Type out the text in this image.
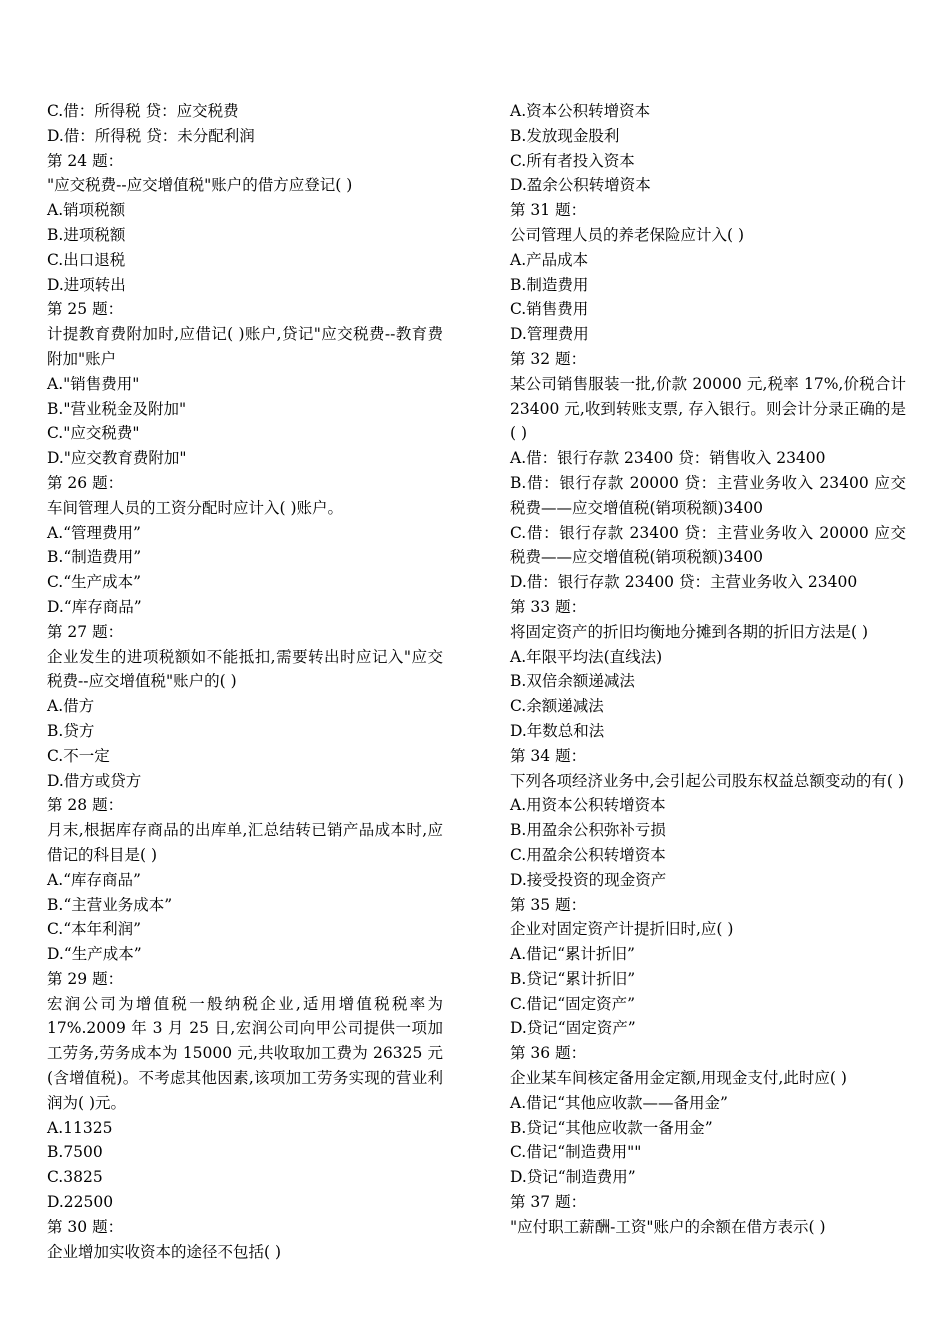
C.借：所得税 贷：应交税费
D.借：所得税 贷：未分配利润
第 24 题：
"应交税费--应交增值税"账户的借方应登记( )
A.销项税额
B.进项税额
C.出口退税
D.进项转出
第 25 题：
计提教育费附加时,应借记( )账户,贷记"应交税费--教育费附加"账户
A."销售费用"
B."营业税金及附加"
C."应交税费"
D."应交教育费附加"
第 26 题：
车间管理人员的工资分配时应计入( )账户。
A.“管理费用”
B.“制造费用”
C.“生产成本”
D.“库存商品”
第 27 题：
企业发生的进项税额如不能抵扣,需要转出时应记入"应交税费--应交增值税"账户的( )
A.借方
B.贷方
C.不一定
D.借方或贷方
第 28 题：
月末,根据库存商品的出库单,汇总结转已销产品成本时,应借记的科目是( )
A.“库存商品”
B.“主营业务成本”
C.“本年利润”
D.“生产成本”
第 29 题：
宏润公司为增值税一般纳税企业,适用增值税税率为 17%.2009 年 3 月 25 日,宏润公司向甲公司提供一项加工劳务,劳务成本为 15000 元,共收取加工费为 26325 元(含增值税)。不考虑其他因素,该项加工劳务实现的营业利润为( )元。
A.11325
B.7500
C.3825
D.22500
第 30 题：
企业增加实收资本的途径不包括( )
A.资本公积转增资本
B.发放现金股利
C.所有者投入资本
D.盈余公积转增资本
第 31 题：
公司管理人员的养老保险应计入( )
A.产品成本
B.制造费用
C.销售费用
D.管理费用
第 32 题：
某公司销售服装一批,价款 20000 元,税率 17%,价税合计 23400 元,收到转账支票, 存入银行。则会计分录正确的是( )
A.借：银行存款 23400 贷：销售收入 23400
B.借：银行存款 20000 贷：主营业务收入 23400 应交税费——应交增值税(销项税额)3400
C.借：银行存款 23400 贷：主营业务收入 20000 应交税费——应交增值税(销项税额)3400
D.借：银行存款 23400 贷：主营业务收入 23400
第 33 题：
将固定资产的折旧均衡地分摊到各期的折旧方法是( )
A.年限平均法(直线法)
B.双倍余额递减法
C.余额递减法
D.年数总和法
第 34 题：
下列各项经济业务中,会引起公司股东权益总额变动的有( )
A.用资本公积转增资本
B.用盈余公积弥补亏损
C.用盈余公积转增资本
D.接受投资的现金资产
第 35 题：
企业对固定资产计提折旧时,应( )
A.借记“累计折旧”
B.贷记“累计折旧”
C.借记“固定资产”
D.贷记“固定资产”
第 36 题：
企业某车间核定备用金定额,用现金支付,此时应( )
A.借记“其他应收款——备用金”
B.贷记“其他应收款一备用金”
C.借记“制造费用""
D.贷记“制造费用”
第 37 题：
"应付职工薪酬-工资"账户的余额在借方表示( )
